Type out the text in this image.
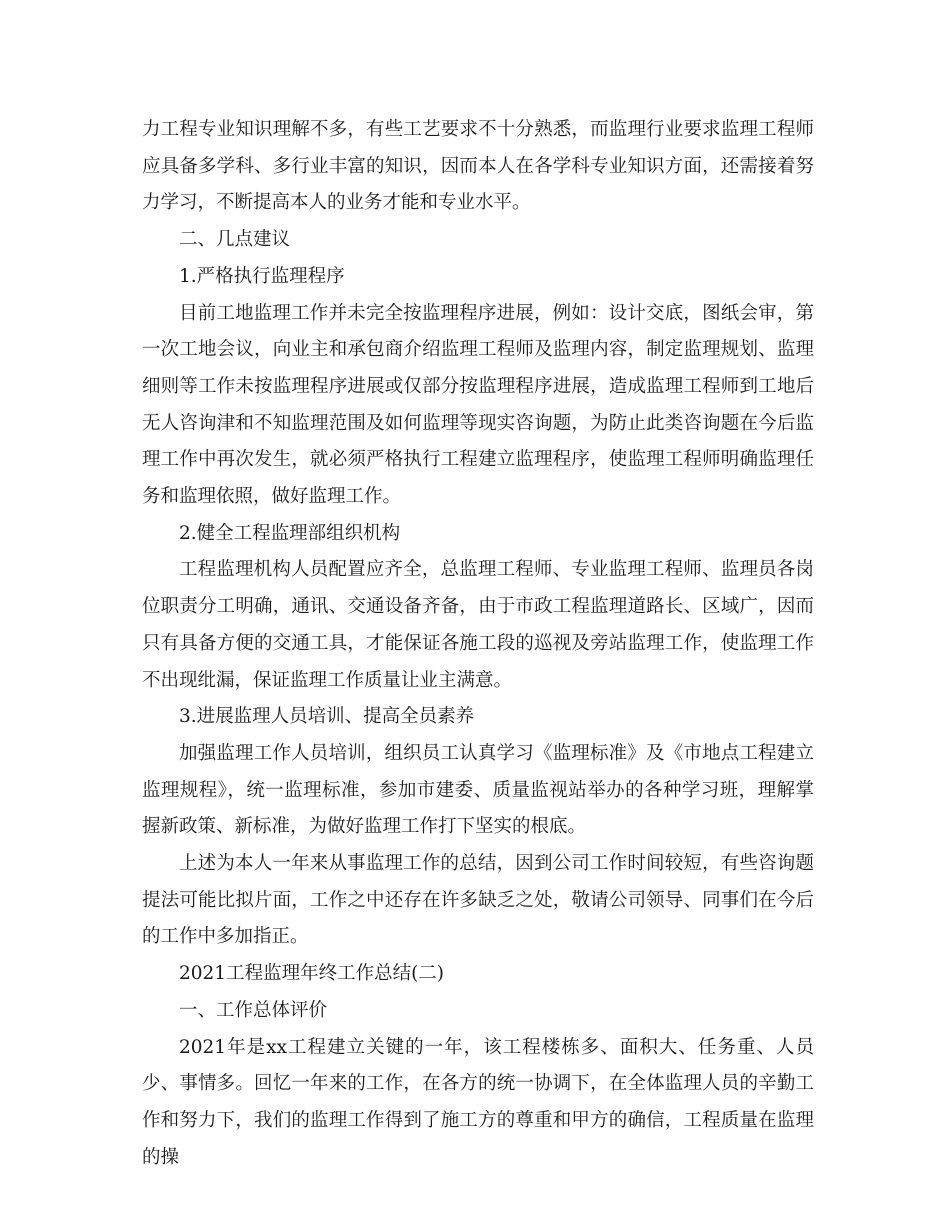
力工程专业知识理解不多，有些工艺要求不十分熟悉，而监理行业要求监理工程师应具备多学科、多行业丰富的知识，因而本人在各学科专业知识方面，还需接着努力学习，不断提高本人的业务才能和专业水平。

二、几点建议

1.严格执行监理程序

目前工地监理工作并未完全按监理程序进展，例如：设计交底，图纸会审，第一次工地会议，向业主和承包商介绍监理工程师及监理内容，制定监理规划、监理细则等工作未按监理程序进展或仅部分按监理程序进展，造成监理工程师到工地后无人咨询津和不知监理范围及如何监理等现实咨询题，为防止此类咨询题在今后监理工作中再次发生，就必须严格执行工程建立监理程序，使监理工程师明确监理任务和监理依照，做好监理工作。

2.健全工程监理部组织机构

工程监理机构人员配置应齐全，总监理工程师、专业监理工程师、监理员各岗位职责分工明确，通讯、交通设备齐备，由于市政工程监理道路长、区域广，因而只有具备方便的交通工具，才能保证各施工段的巡视及旁站监理工作，使监理工作不出现纰漏，保证监理工作质量让业主满意。

3.进展监理人员培训、提高全员素养

加强监理工作人员培训，组织员工认真学习《监理标准》及《市地点工程建立监理规程》，统一监理标准，参加市建委、质量监视站举办的各种学习班，理解掌握新政策、新标准，为做好监理工作打下坚实的根底。

上述为本人一年来从事监理工作的总结，因到公司工作时间较短，有些咨询题提法可能比拟片面，工作之中还存在许多缺乏之处，敬请公司领导、同事们在今后的工作中多加指正。

2021工程监理年终工作总结(二)

一、工作总体评价

2021年是xx工程建立关键的一年，该工程楼栋多、面积大、任务重、人员少、事情多。回忆一年来的工作，在各方的统一协调下，在全体监理人员的辛勤工作和努力下，我们的监理工作得到了施工方的尊重和甲方的确信，工程质量在监理的操
